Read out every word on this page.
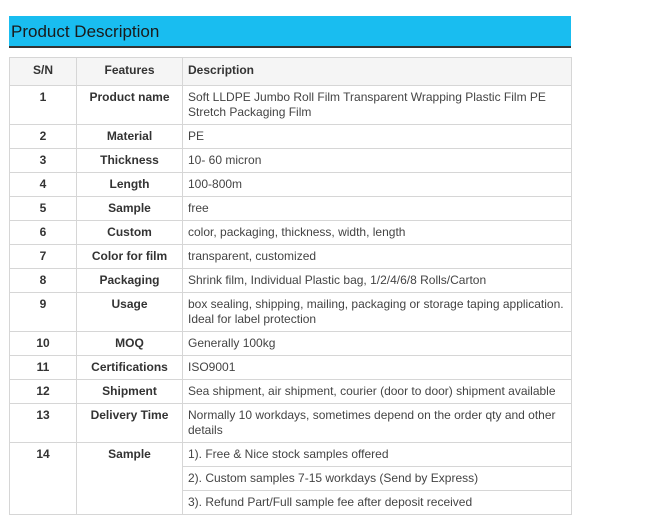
Product Description
S/N	Features	Description
1	Product name	Soft LLDPE Jumbo Roll Film Transparent Wrapping Plastic Film PE Stretch Packaging Film
2	Material	PE
3	Thickness	10- 60 micron
4	Length	100-800m
5	Sample	free
6	Custom	color, packaging, thickness, width, length
7	Color for film	transparent, customized
8	Packaging	Shrink film, Individual Plastic bag, 1/2/4/6/8 Rolls/Carton
9	Usage	box sealing, shipping, mailing, packaging or storage taping application. Ideal for label protection
10	MOQ	Generally 100kg
11	Certifications	ISO9001
12	Shipment	Sea shipment, air shipment, courier (door to door) shipment available
13	Delivery Time	Normally 10 workdays, sometimes depend on the order qty and other details
14	Sample	1). Free & Nice stock samples offered
		2). Custom samples 7-15 workdays (Send by Express)
		3). Refund Part/Full sample fee after deposit received
